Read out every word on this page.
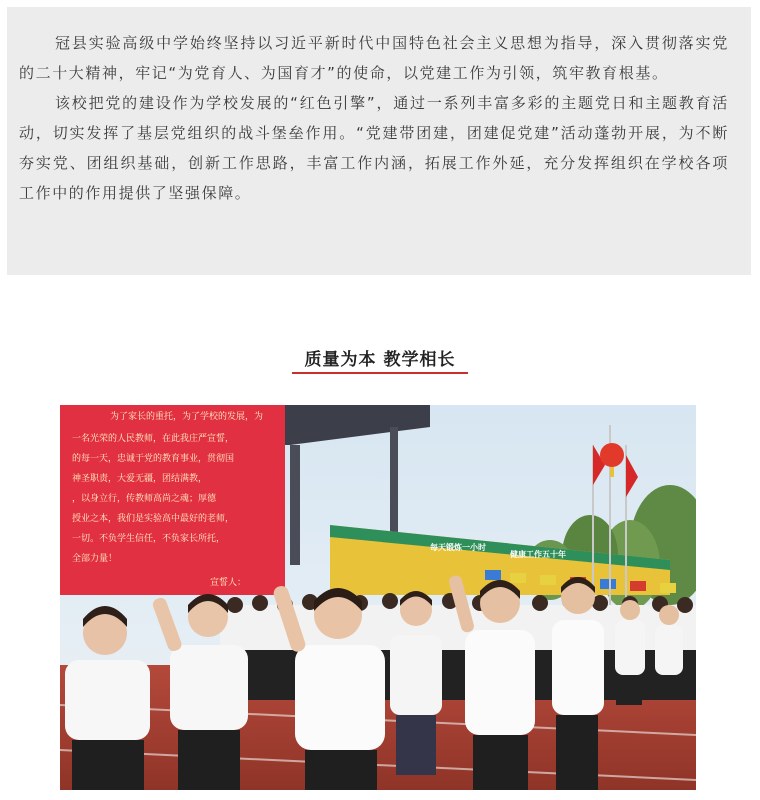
冠县实验高级中学始终坚持以习近平新时代中国特色社会主义思想为指导，深入贯彻落实党的二十大精神，牢记“为党育人、为国育才”的使命，以党建工作为引领，筑牢教育根基。

该校把党的建设作为学校发展的“红色引擎”，通过一系列丰富多彩的主题党日和主题教育活动，切实发挥了基层党组织的战斗堡垒作用。“党建带团建，团建促党建”活动蓬勃开展，为不断夯实党、团组织基础，创新工作思路，丰富工作内涵，拓展工作外延，充分发挥组织在学校各项工作中的作用提供了坚强保障。

质量为本 教学相长
每天锻炼一小时
健康工作五十年
为了家长的重托，为了学校的发展，为
一名光荣的人民教师，在此我庄严宣誓，
的每一天，忠诚于党的教育事业，贯彻国
神圣职责，大爱无疆，团结满教，
，以身立行，传教师高尚之魂；厚德
授业之本，我们是实验高中最好的老师，
一切。不负学生信任，不负家长所托，
全部力量！
宣誓人：
